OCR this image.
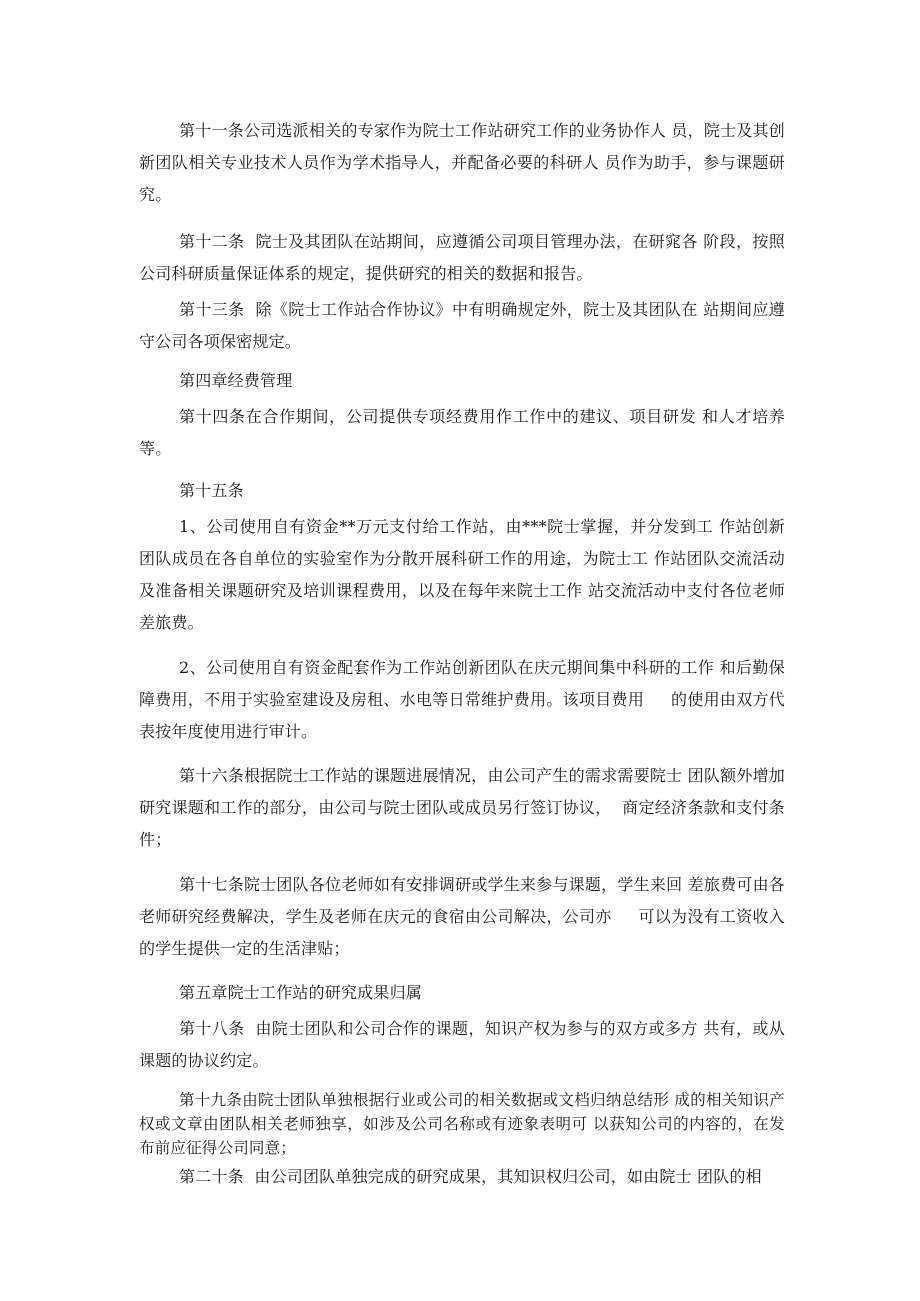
第十一条公司选派相关的专家作为院士工作站研究工作的业务协作人 员，院士及其创新团队相关专业技术人员作为学术指导人，并配备必要的科研人 员作为助手，参与课题研究。

第十二条  院士及其团队在站期间，应遵循公司项目管理办法，在研窕各 阶段，按照公司科研质量保证体系的规定，提供研究的相关的数据和报告。

第十三条  除《院士工作站合作协议》中有明确规定外，院士及其团队在 站期间应遵守公司各项保密规定。

第四章经费管理

第十四条在合作期间，公司提供专项经费用作工作中的建议、项目研发 和人才培养等。

第十五条

1、公司使用自有资金**万元支付给工作站，由***院士掌握，并分发到工 作站创新团队成员在各自单位的实验室作为分散开展科研工作的用途，为院士工 作站团队交流活动及准备相关课题研究及培训课程费用，以及在每年来院士工作 站交流活动中支付各位老师差旅费。

2、公司使用自有资金配套作为工作站创新团队在庆元期间集中科研的工作 和后勤保障费用，不用于实验室建设及房租、水电等日常维护费用。该项目费用     的使用由双方代表按年度使用进行审计。

第十六条根据院士工作站的课题进展情况，由公司产生的需求需要院士 团队额外增加研究课题和工作的部分，由公司与院士团队或成员另行签订协议，  商定经济条款和支付条件；

第十七条院士团队各位老师如有安排调研或学生来参与课题，学生来回 差旅费可由各老师研究经费解决，学生及老师在庆元的食宿由公司解决，公司亦     可以为没有工资收入的学生提供一定的生活津贴；

第五章院士工作站的研究成果归属

第十八条  由院士团队和公司合作的课题，知识产权为参与的双方或多方 共有，或从课题的协议约定。

第十九条由院士团队单独根据行业或公司的相关数据或文档归纳总结形 成的相关知识产权或文章由团队相关老师独享，如涉及公司名称或有迹象表明可 以获知公司的内容的，在发布前应征得公司同意；

第二十条  由公司团队单独完成的研究成果，其知识权归公司，如由院士 团队的相
